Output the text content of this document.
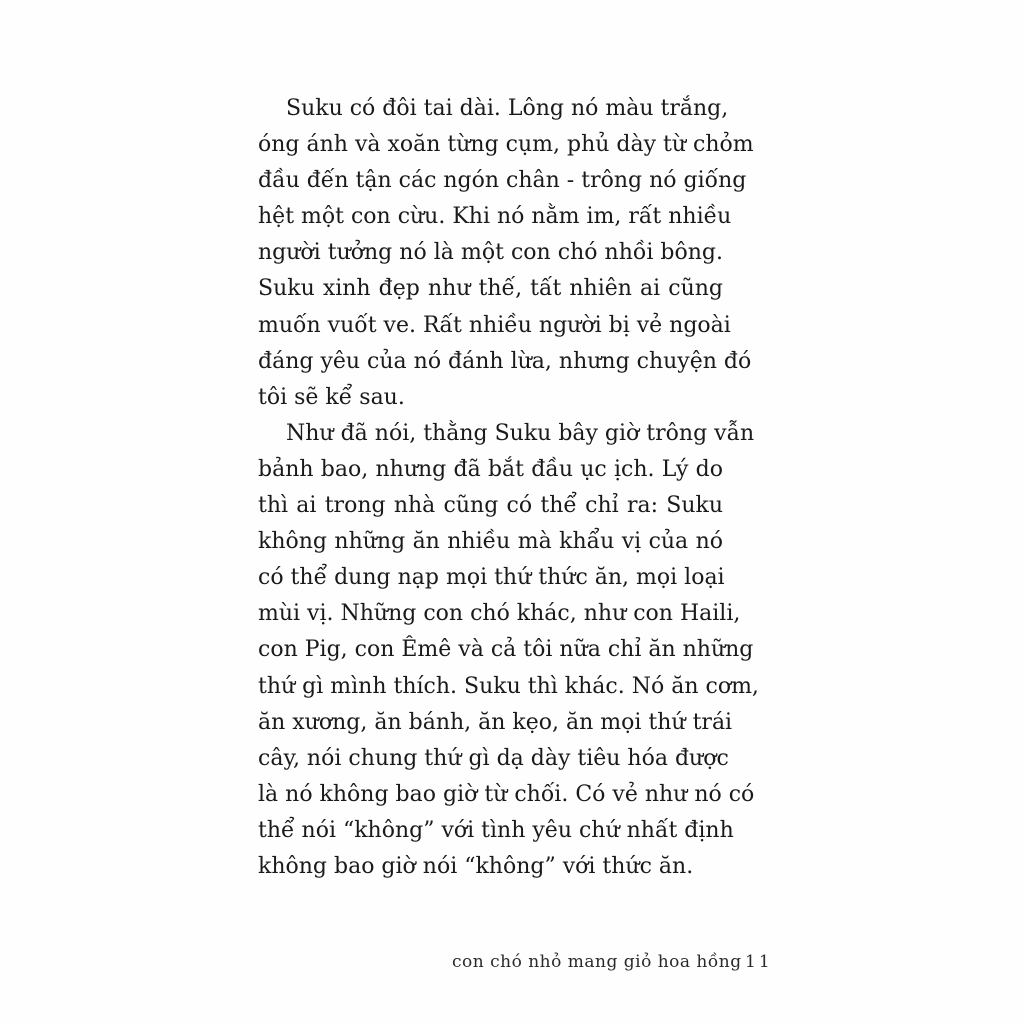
Suku có đôi tai dài. Lông nó màu trắng,
óng ánh và xoăn từng cụm, phủ dày từ chỏm
đầu đến tận các ngón chân - trông nó giống
hệt một con cừu. Khi nó nằm im, rất nhiều
người tưởng nó là một con chó nhồi bông.
Suku xinh đẹp như thế, tất nhiên ai cũng
muốn vuốt ve. Rất nhiều người bị vẻ ngoài
đáng yêu của nó đánh lừa, nhưng chuyện đó
tôi sẽ kể sau.
Như đã nói, thằng Suku bây giờ trông vẫn
bảnh bao, nhưng đã bắt đầu ục ịch. Lý do
thì ai trong nhà cũng có thể chỉ ra: Suku
không những ăn nhiều mà khẩu vị của nó
có thể dung nạp mọi thứ thức ăn, mọi loại
mùi vị. Những con chó khác, như con Haili,
con Pig, con Êmê và cả tôi nữa chỉ ăn những
thứ gì mình thích. Suku thì khác. Nó ăn cơm,
ăn xương, ăn bánh, ăn kẹo, ăn mọi thứ trái
cây, nói chung thứ gì dạ dày tiêu hóa được
là nó không bao giờ từ chối. Có vẻ như nó có
thể nói “không” với tình yêu chứ nhất định
không bao giờ nói “không” với thức ăn.
con chó nhỏ mang giỏ hoa hồng 11
